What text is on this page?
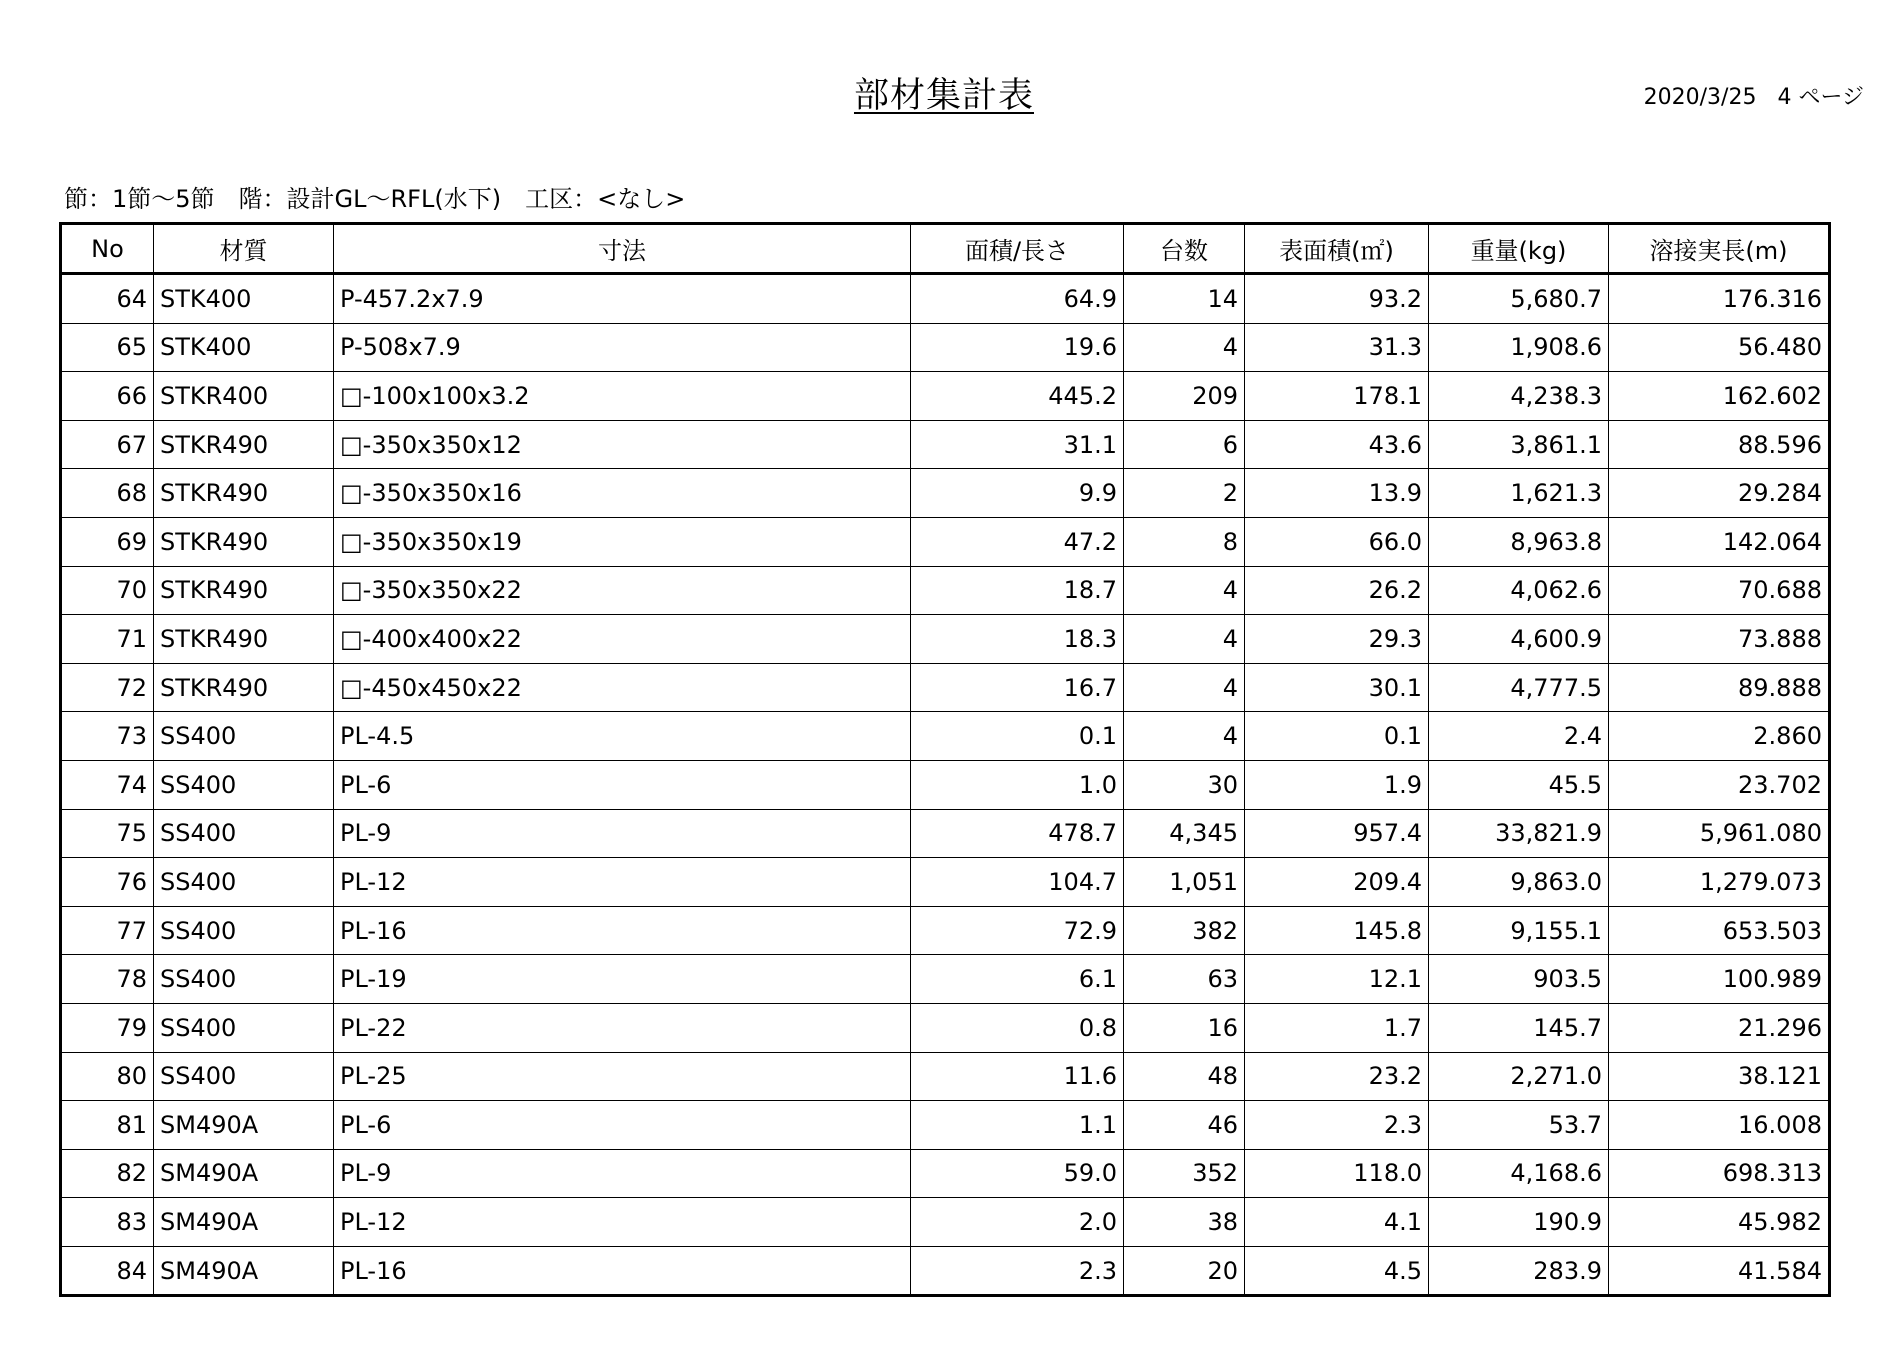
部材集計表	2020/3/25 4 ページ
節：1節～5節　階：設計GL～RFL(水下)　工区：<なし>
No	材質	寸法	面積/長さ	台数	表面積(㎡)	重量(kg)	溶接実長(m)
64	STK400	P-457.2x7.9	64.9	14	93.2	5,680.7	176.316
65	STK400	P-508x7.9	19.6	4	31.3	1,908.6	56.480
66	STKR400	□-100x100x3.2	445.2	209	178.1	4,238.3	162.602
67	STKR490	□-350x350x12	31.1	6	43.6	3,861.1	88.596
68	STKR490	□-350x350x16	9.9	2	13.9	1,621.3	29.284
69	STKR490	□-350x350x19	47.2	8	66.0	8,963.8	142.064
70	STKR490	□-350x350x22	18.7	4	26.2	4,062.6	70.688
71	STKR490	□-400x400x22	18.3	4	29.3	4,600.9	73.888
72	STKR490	□-450x450x22	16.7	4	30.1	4,777.5	89.888
73	SS400	PL-4.5	0.1	4	0.1	2.4	2.860
74	SS400	PL-6	1.0	30	1.9	45.5	23.702
75	SS400	PL-9	478.7	4,345	957.4	33,821.9	5,961.080
76	SS400	PL-12	104.7	1,051	209.4	9,863.0	1,279.073
77	SS400	PL-16	72.9	382	145.8	9,155.1	653.503
78	SS400	PL-19	6.1	63	12.1	903.5	100.989
79	SS400	PL-22	0.8	16	1.7	145.7	21.296
80	SS400	PL-25	11.6	48	23.2	2,271.0	38.121
81	SM490A	PL-6	1.1	46	2.3	53.7	16.008
82	SM490A	PL-9	59.0	352	118.0	4,168.6	698.313
83	SM490A	PL-12	2.0	38	4.1	190.9	45.982
84	SM490A	PL-16	2.3	20	4.5	283.9	41.584
